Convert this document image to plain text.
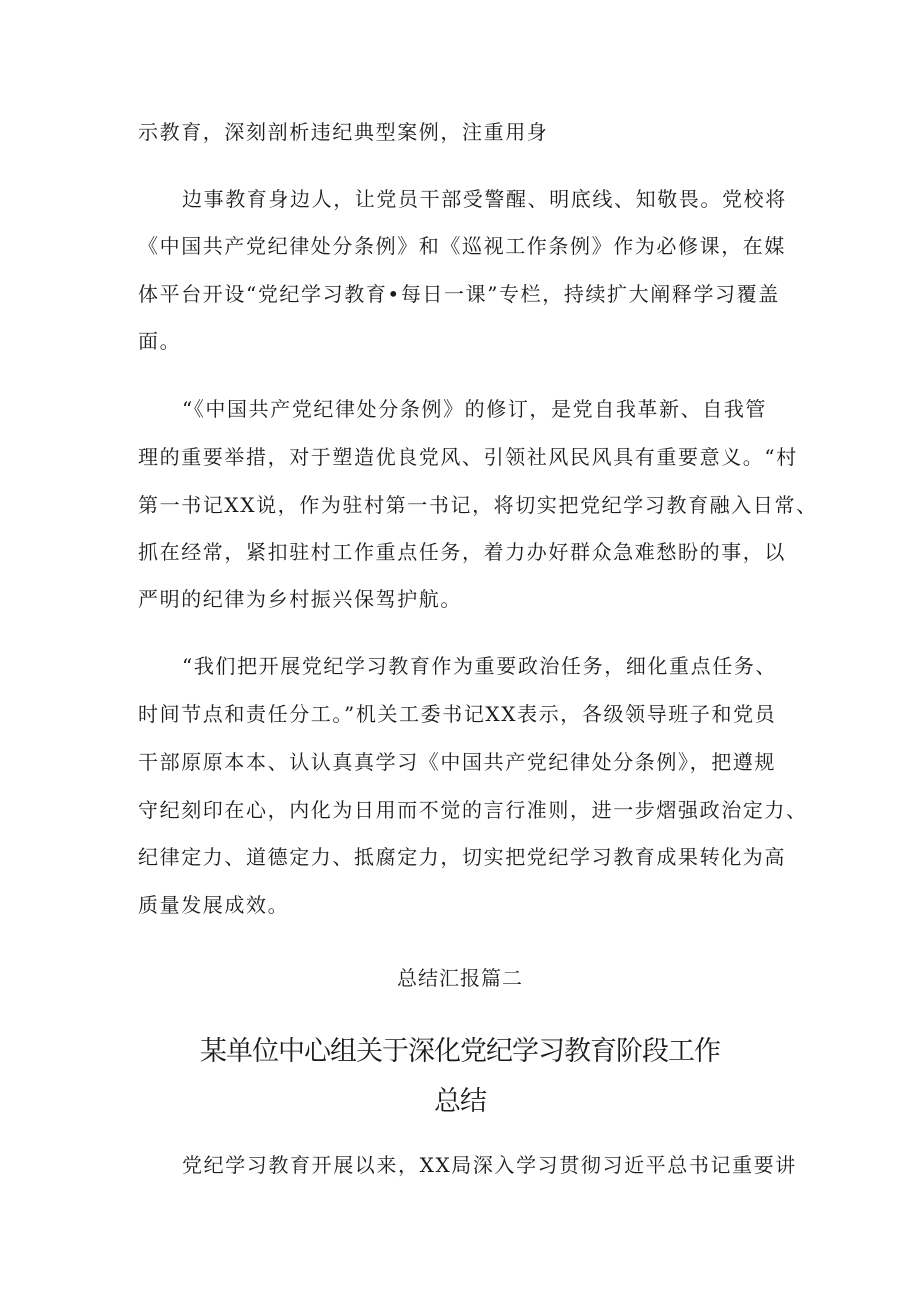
示教育，深刻剖析违纪典型案例，注重用身
边事教育身边人，让党员干部受警醒、明底线、知敬畏。党校将
《中国共产党纪律处分条例》和《巡视工作条例》作为必修课，在媒
体平台开设“党纪学习教育•每日一课”专栏，持续扩大阐释学习覆盖
面。
“《中国共产党纪律处分条例》的修订，是党自我革新、自我管
理的重要举措，对于塑造优良党风、引领社风民风具有重要意义。“村
第一书记XX说，作为驻村第一书记，将切实把党纪学习教育融入日常、
抓在经常，紧扣驻村工作重点任务，着力办好群众急难愁盼的事，以
严明的纪律为乡村振兴保驾护航。
“我们把开展党纪学习教育作为重要政治任务，细化重点任务、
时间节点和责任分工。”机关工委书记XX表示，各级领导班子和党员
干部原原本本、认认真真学习《中国共产党纪律处分条例》，把遵规
守纪刻印在心，内化为日用而不觉的言行准则，进一步熠强政治定力、
纪律定力、道德定力、抵腐定力，切实把党纪学习教育成果转化为高
质量发展成效。
总结汇报篇二
某单位中心组关于深化党纪学习教育阶段工作
总结
党纪学习教育开展以来，XX局深入学习贯彻习近平总书记重要讲
